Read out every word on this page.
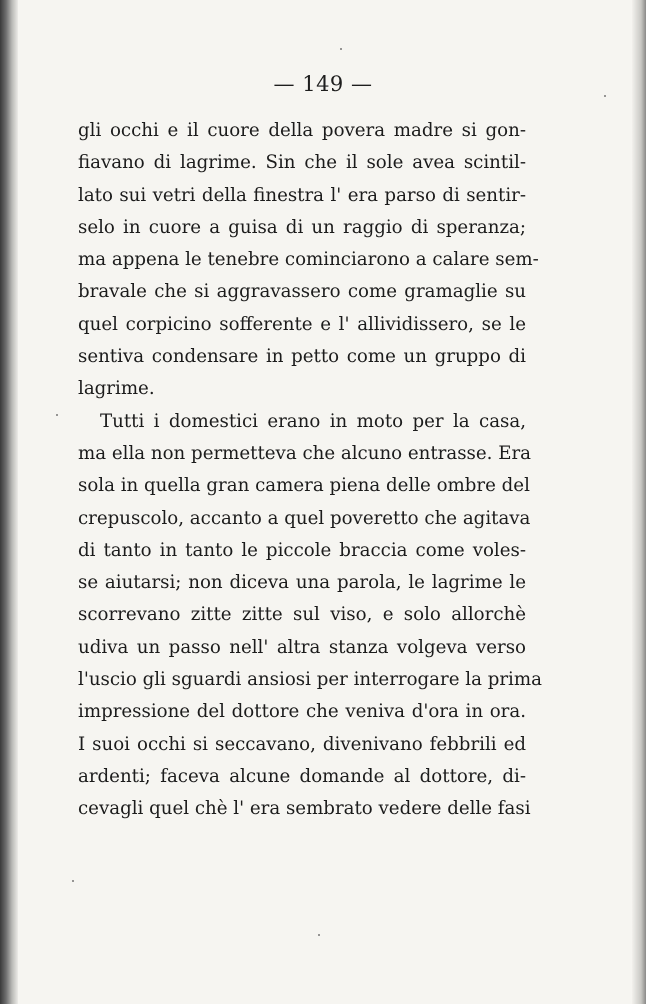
— 149 —
gli occhi e il cuore della povera madre si gon-
fiavano di lagrime. Sin che il sole avea scintil-
lato sui vetri della finestra l' era parso di sentir-
selo in cuore a guisa di un raggio di speranza;
ma appena le tenebre cominciarono a calare sem-
bravale che si aggravassero come gramaglie su
quel corpicino sofferente e l' allividissero, se le
sentiva condensare in petto come un gruppo di
lagrime.
Tutti i domestici erano in moto per la casa,
ma ella non permetteva che alcuno entrasse. Era
sola in quella gran camera piena delle ombre del
crepuscolo, accanto a quel poveretto che agitava
di tanto in tanto le piccole braccia come voles-
se aiutarsi; non diceva una parola, le lagrime le
scorrevano zitte zitte sul viso, e solo allorchè
udiva un passo nell' altra stanza volgeva verso
l'uscio gli sguardi ansiosi per interrogare la prima
impressione del dottore che veniva d'ora in ora.
I suoi occhi si seccavano, divenivano febbrili ed
ardenti; faceva alcune domande al dottore, di-
cevagli quel chè l' era sembrato vedere delle fasi
